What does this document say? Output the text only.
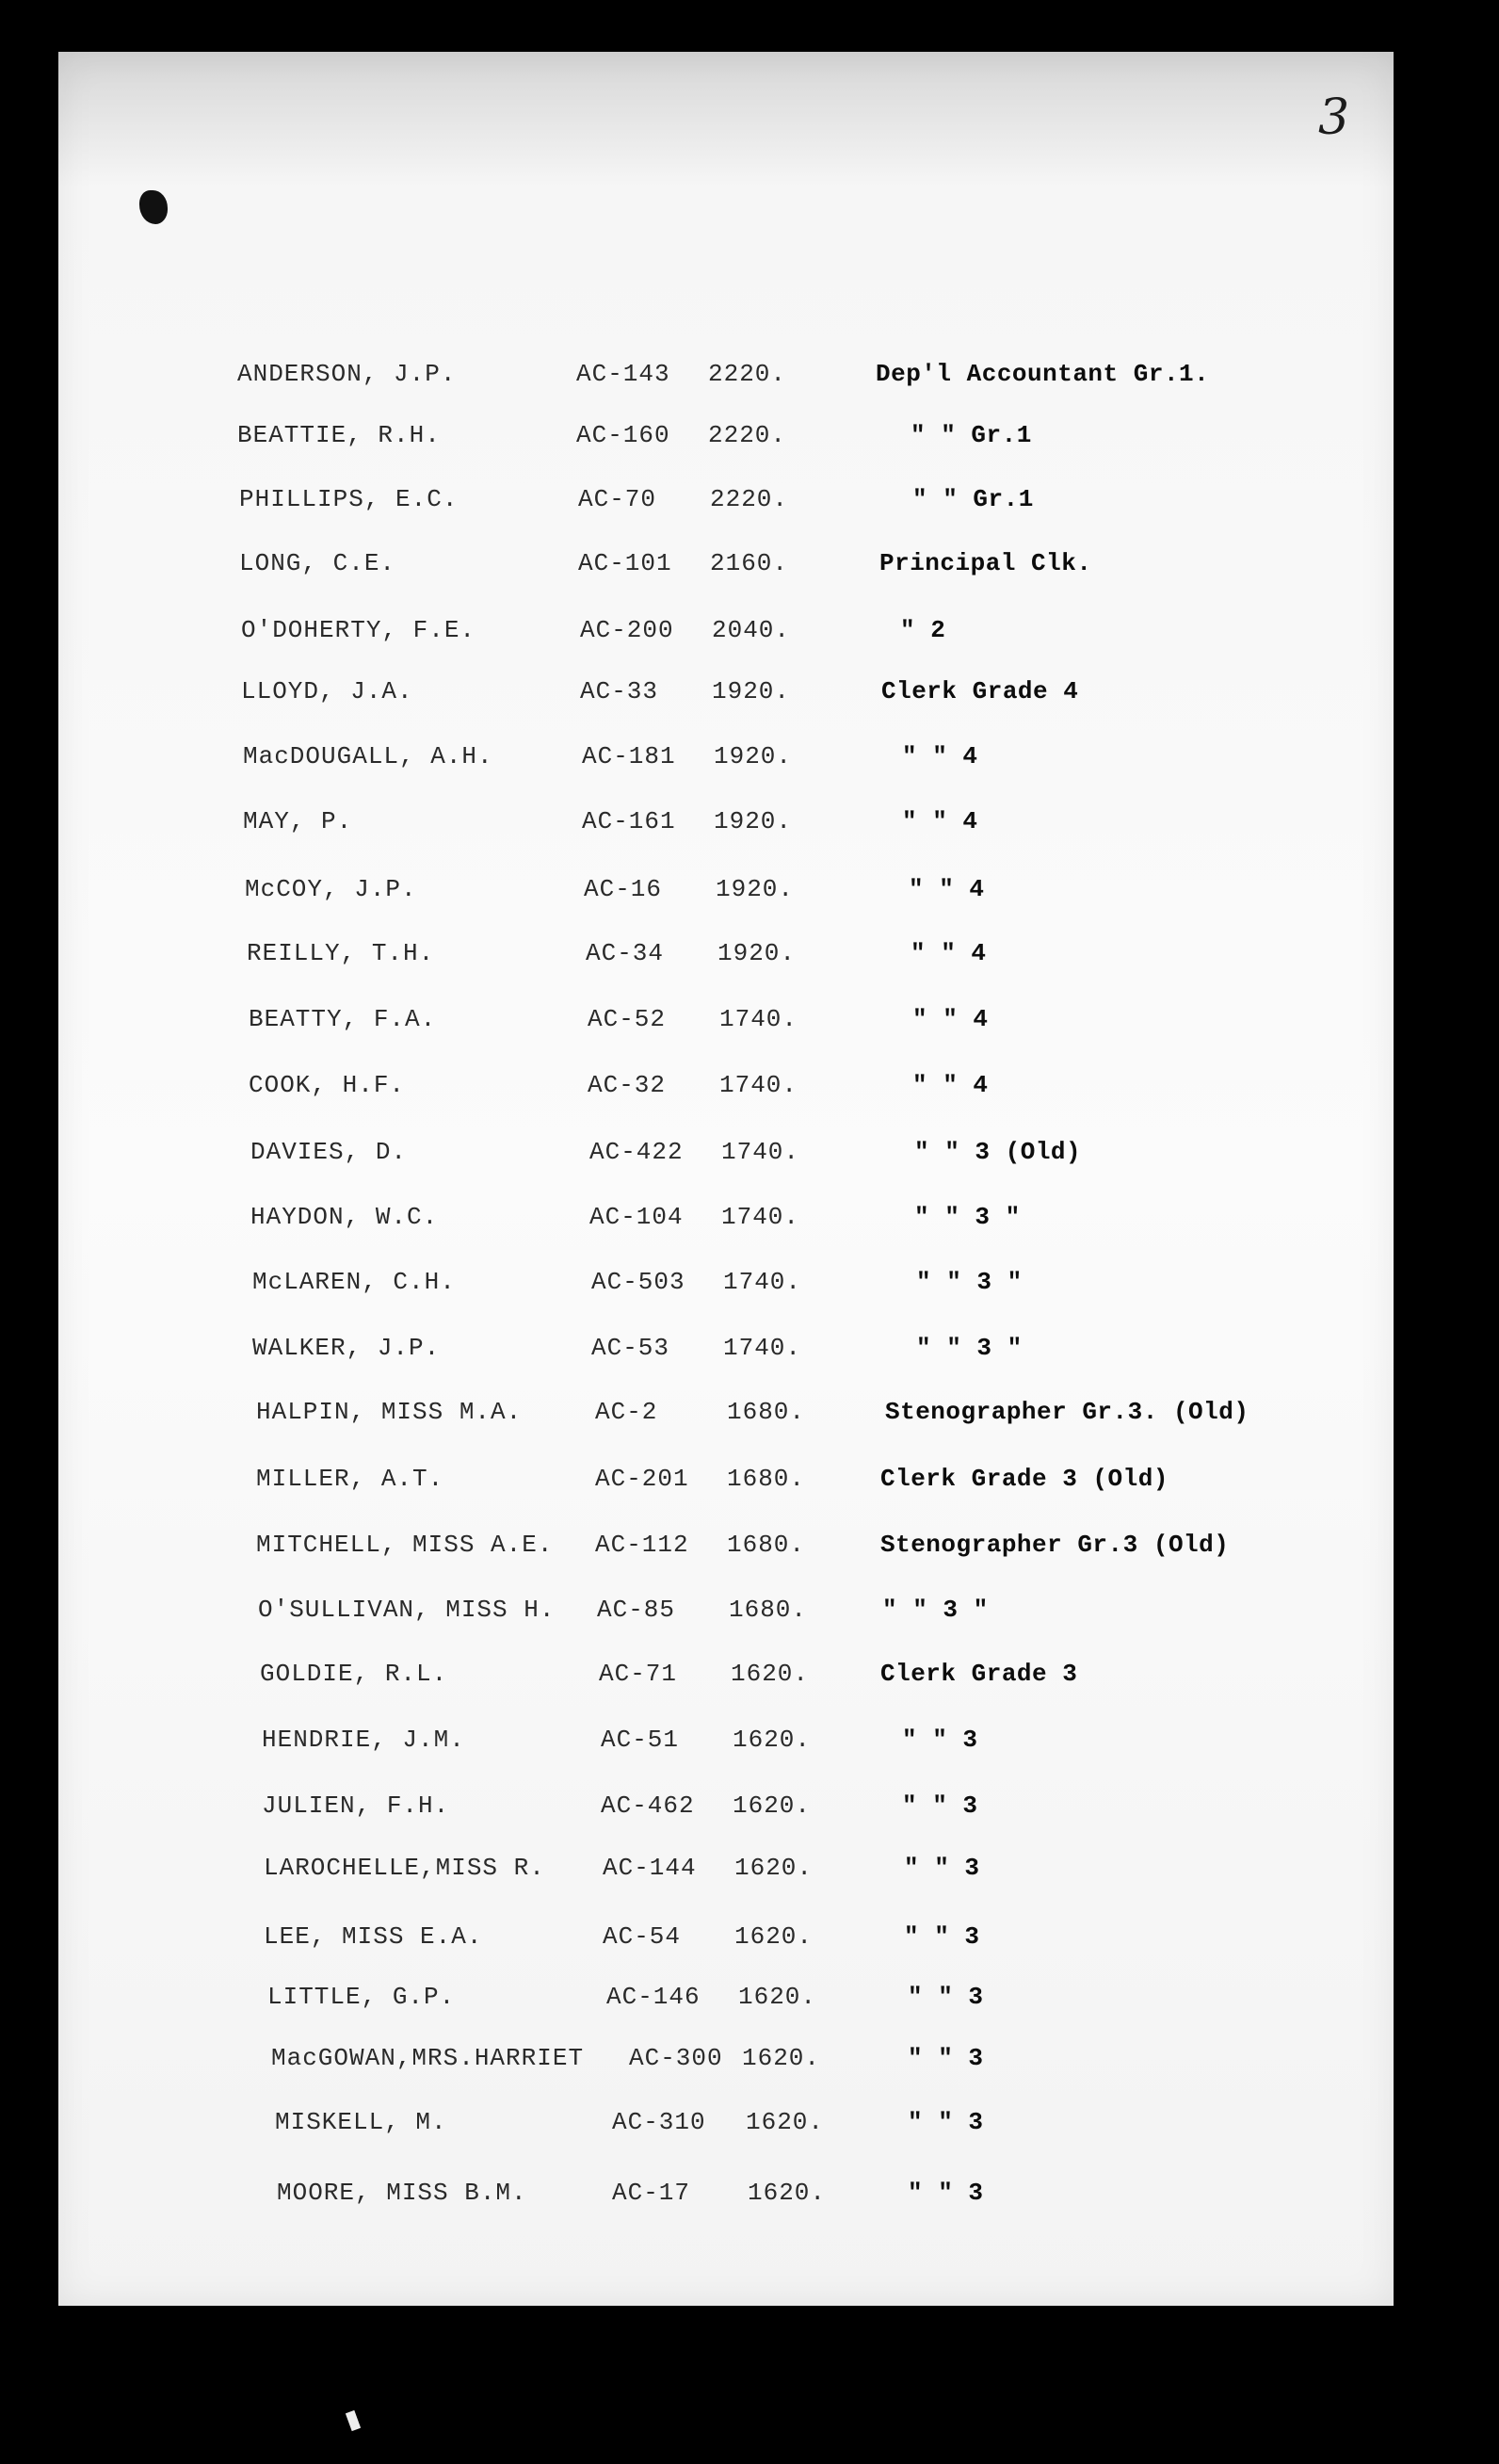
3
ANDERSON, J.P.	AC-143 2220.	Dep'l Accountant Gr.1.
BEATTIE, R.H.	AC-160 2220.	" " Gr.1
PHILLIPS, E.C.	AC-70 2220.	" " Gr.1
LONG, C.E.	AC-101 2160.	Principal Clk.
O'DOHERTY, F.E.	AC-200 2040.	" 2
LLOYD, J.A.	AC-33 1920.	Clerk Grade 4
MacDOUGALL, A.H.	AC-181 1920.	" " 4
MAY, P.	AC-161 1920.	" " 4
McCOY, J.P.	AC-16 1920.	" " 4
REILLY, T.H.	AC-34 1920.	" " 4
BEATTY, F.A.	AC-52 1740.	" " 4
COOK, H.F.	AC-32 1740.	" " 4
DAVIES, D.	AC-422 1740.	" " 3 (Old)
HAYDON, W.C.	AC-104 1740.	" " 3 "
McLAREN, C.H.	AC-503 1740.	" " 3 "
WALKER, J.P.	AC-53 1740.	" " 3 "
HALPIN, MISS M.A.	AC-2	1680.	Stenographer Gr.3. (Old)
MILLER, A.T.	AC-201 1680.	Clerk Grade 3 (Old)
MITCHELL, MISS A.E. AC-112 1680.	Stenographer Gr.3 (Old)
O'SULLIVAN, MISS H. AC-85 1680.	" " 3 "
GOLDIE, R.L.	AC-71 1620.	Clerk Grade 3
HENDRIE, J.M.	AC-51 1620.	" " 3
JULIEN, F.H.	AC-462 1620.	" " 3
LAROCHELLE,MISS R. AC-144 1620.	" " 3
LEE, MISS E.A.	AC-54 1620.	" " 3
LITTLE, G.P.	AC-146 1620.	" " 3
MacGOWAN,MRS.HARRIET AC-300 1620.	" " 3
MISKELL, M.	AC-310 1620.	" " 3
MOORE, MISS B.M.	AC-17 1620.	" " 3
